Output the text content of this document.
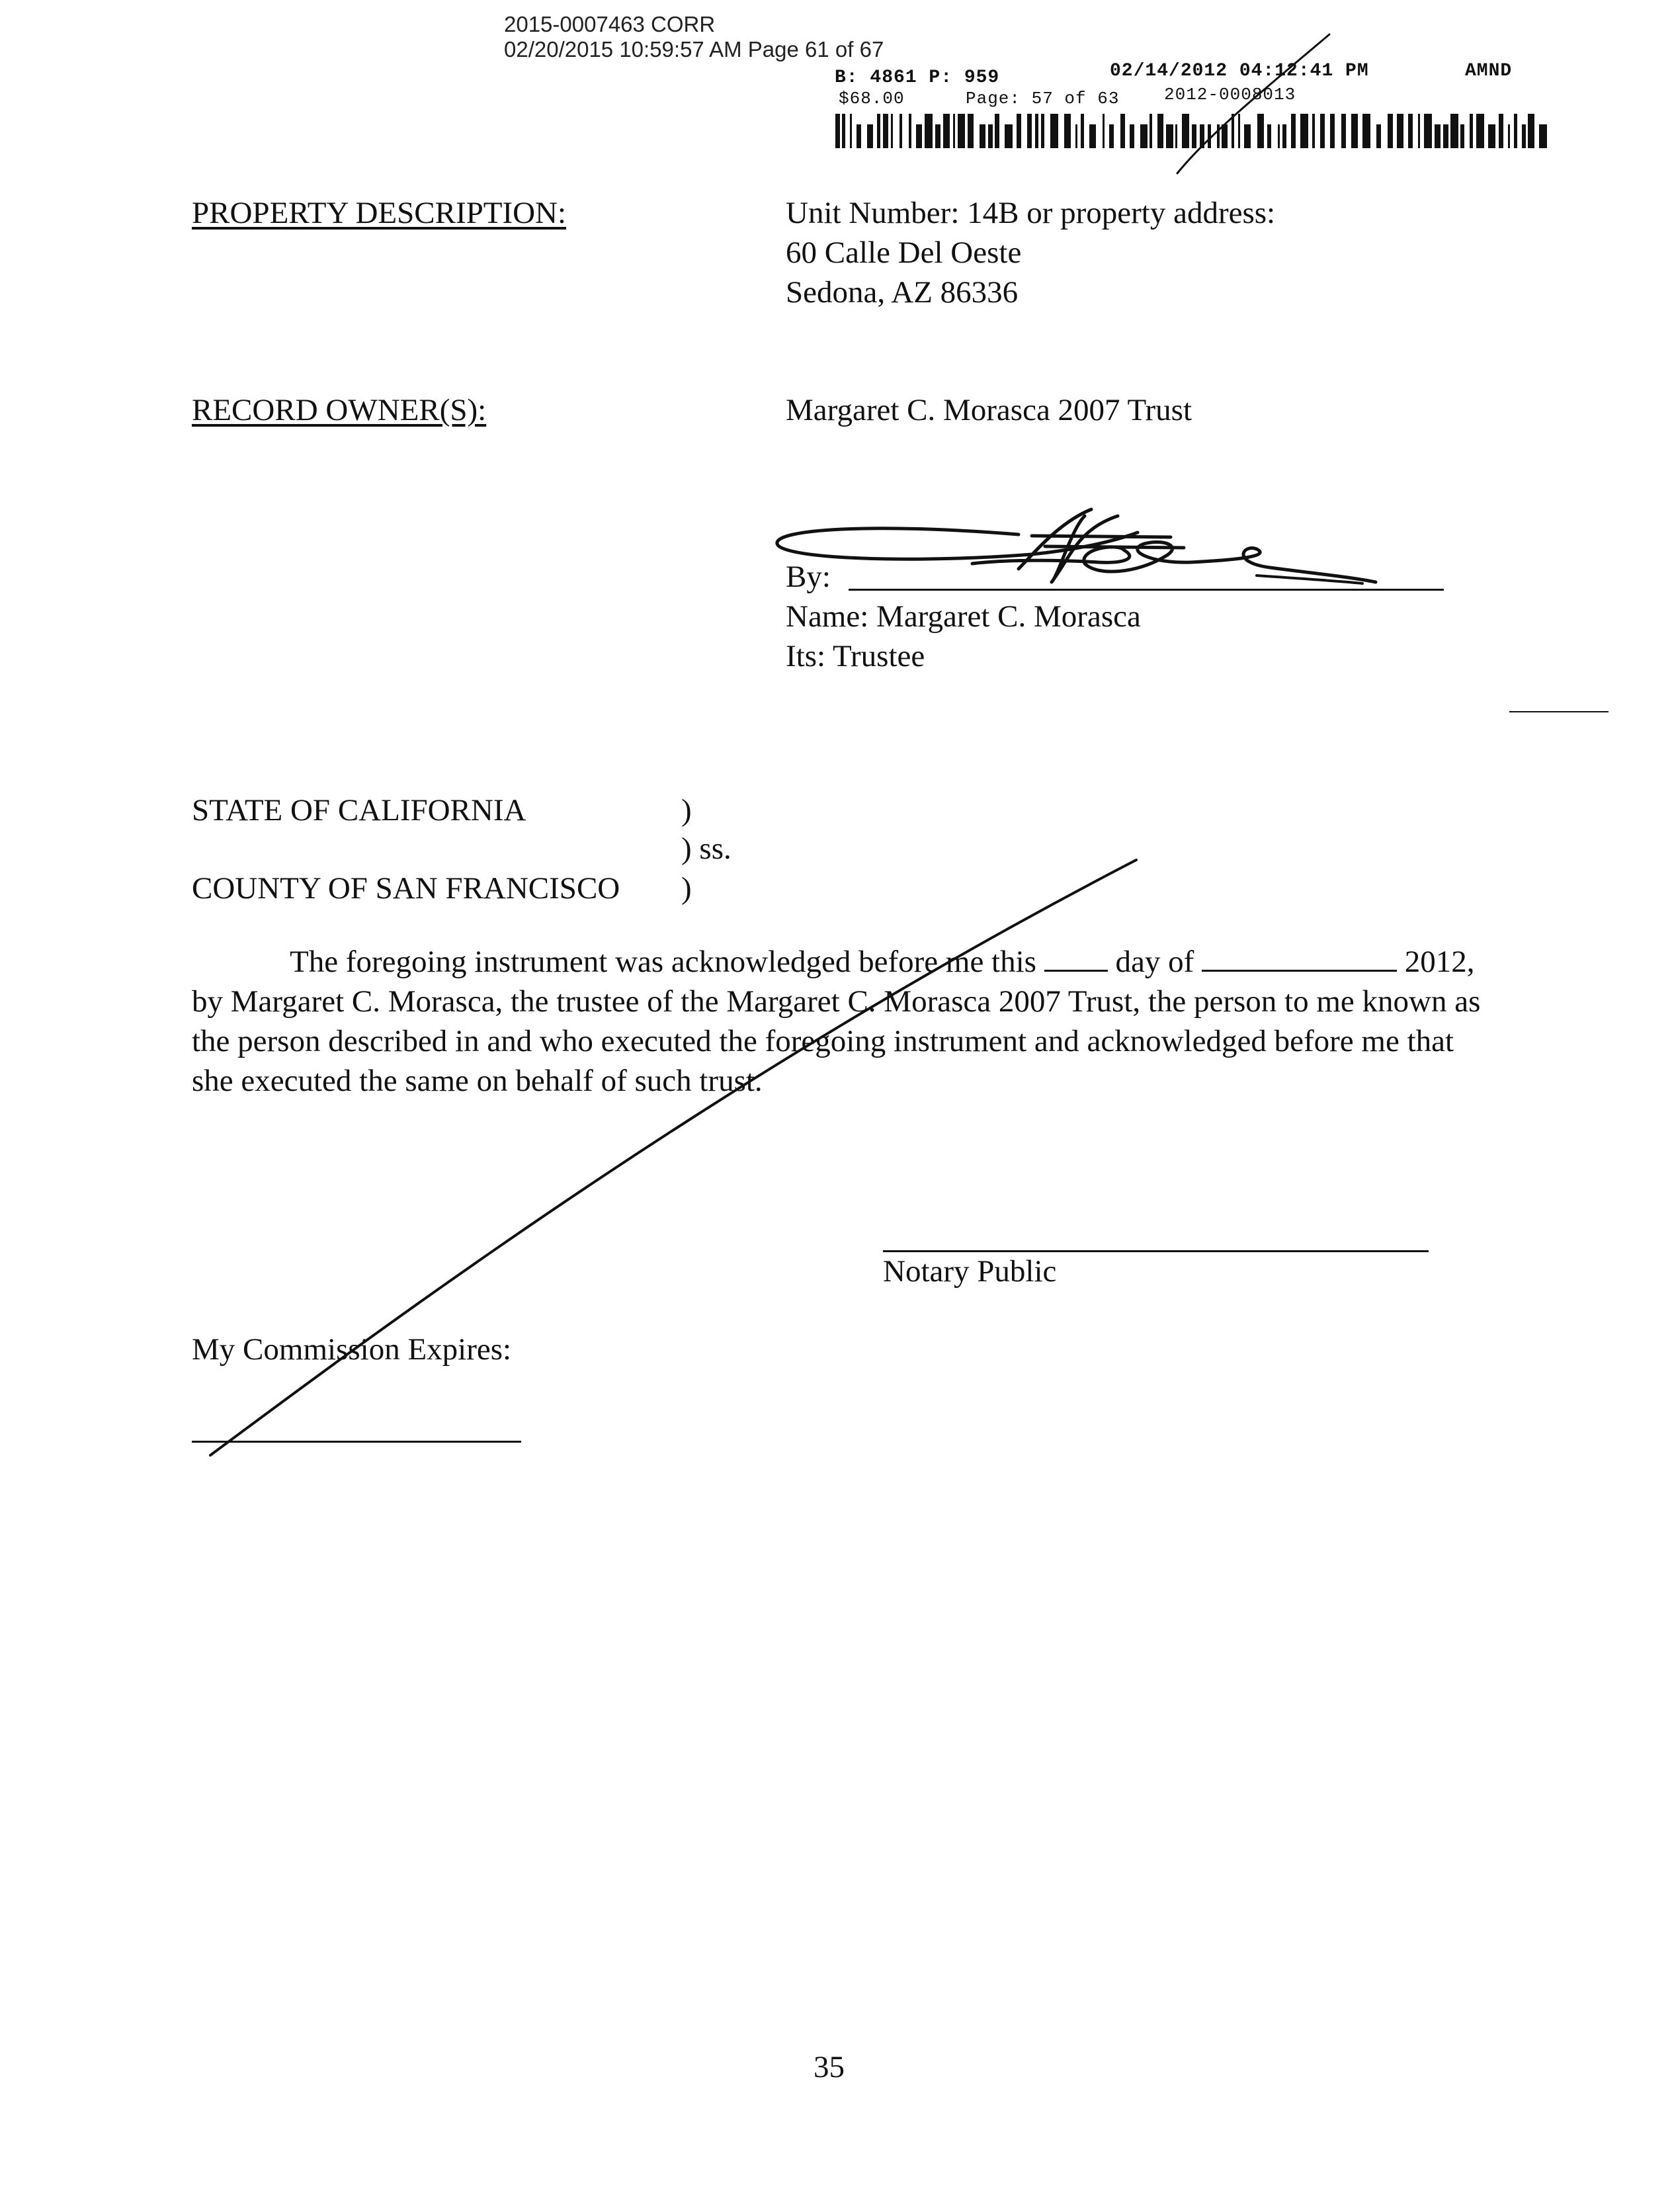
2015-0007463 CORR
02/20/2015 10:59:57 AM Page 61 of 67
B: 4861 P: 959	02/14/2012 04:12:41 PM	AMND
$68.00	Page: 57 of 63	2012-0008013
PROPERTY DESCRIPTION:	Unit Number: 14B or property address:
60 Calle Del Oeste
Sedona, AZ 86336
RECORD OWNER(S):	Margaret C. Morasca 2007 Trust
By:
Name: Margaret C. Morasca
Its: Trustee
STATE OF CALIFORNIA	)
) ss.
COUNTY OF SAN FRANCISCO )
The foregoing instrument was acknowledged before me this	day of	2012, by Margaret C. Morasca, the trustee of the Margaret C. Morasca 2007 Trust, the person to me known as the person described in and who executed the foregoing instrument and acknowledged before me that she executed the same on behalf of such trust.
Notary Public
My Commission Expires:
35
